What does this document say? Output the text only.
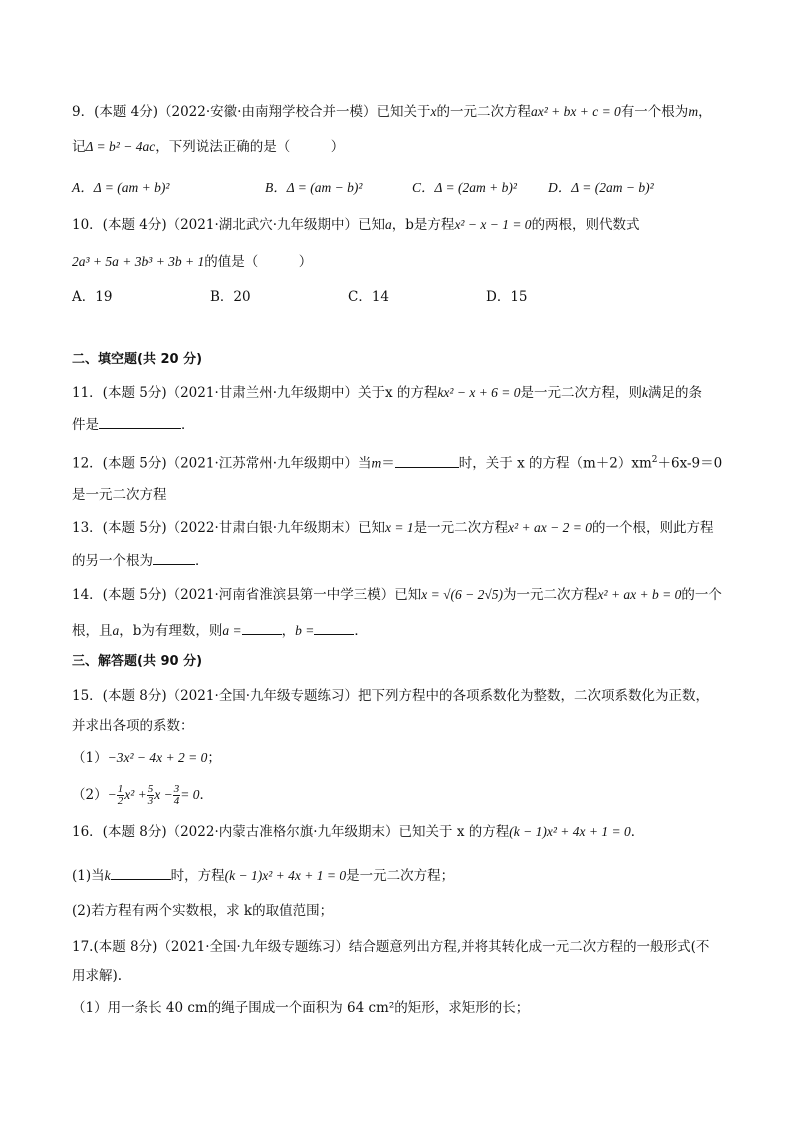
9．(本题 4分)（2022·安徽·由南翔学校合并一模）已知关于x的一元二次方程ax² + bx + c = 0有一个根为m，
记Δ = b² − 4ac，下列说法正确的是（　　　）
A．Δ = (am + b)²	B．Δ = (am − b)²	C．Δ = (2am + b)² D．Δ = (2am − b)²
10．(本题 4分)（2021·湖北武穴·九年级期中）已知a，b是方程x² − x − 1 = 0的两根，则代数式
2a³ + 5a + 3b³ + 3b + 1的值是（　　　）
A．19	B．20	C．14	D．15
二、填空题(共 20 分)
11．(本题 5分)（2021·甘肃兰州·九年级期中）关于x 的方程kx² − x + 6 = 0是一元二次方程，则k满足的条
件是	．
12．(本题 5分)（2021·江苏常州·九年级期中）当m＝	时，关于 x 的方程$(m+2)xm^2+6x-9=0$
是一元二次方程
13．(本题 5分)（2022·甘肃白银·九年级期末）已知x = 1是一元二次方程x² + ax − 2 = 0的一个根，则此方程
的另一个根为	．
14．(本题 5分)（2021·河南省淮滨县第一中学三模）已知x = √(6 − 2√5)为一元二次方程x² + ax + b = 0的一个
根，且a，b为有理数，则a =	，b =	．
三、解答题(共 90 分)
15．(本题 8分)（2021·全国·九年级专题练习）把下列方程中的各项系数化为整数，二次项系数化为正数，
并求出各项的系数：
（1）−3x² − 4x + 2 = 0；
$(2)- \frac{1}{2} x^2 + \frac{5}{3}$ $x - \frac{3}{4} = 0$．
16．(本题 8分)（2022·内蒙古准格尔旗·九年级期末）已知关于 x 的方程(k − 1)x² + 4x + 1 = 0．
(1)当k	时，方程(k − 1)x² + 4x + 1 = 0是一元二次方程；
(2)若方程有两个实数根，求 k的取值范围；
17.(本题 8分)（2021·全国·九年级专题练习）结合题意列出方程,并将其转化成一元二次方程的一般形式(不
用求解).
（1）用一条长 40 cm的绳子围成一个面积为 64 cm²的矩形，求矩形的长；
